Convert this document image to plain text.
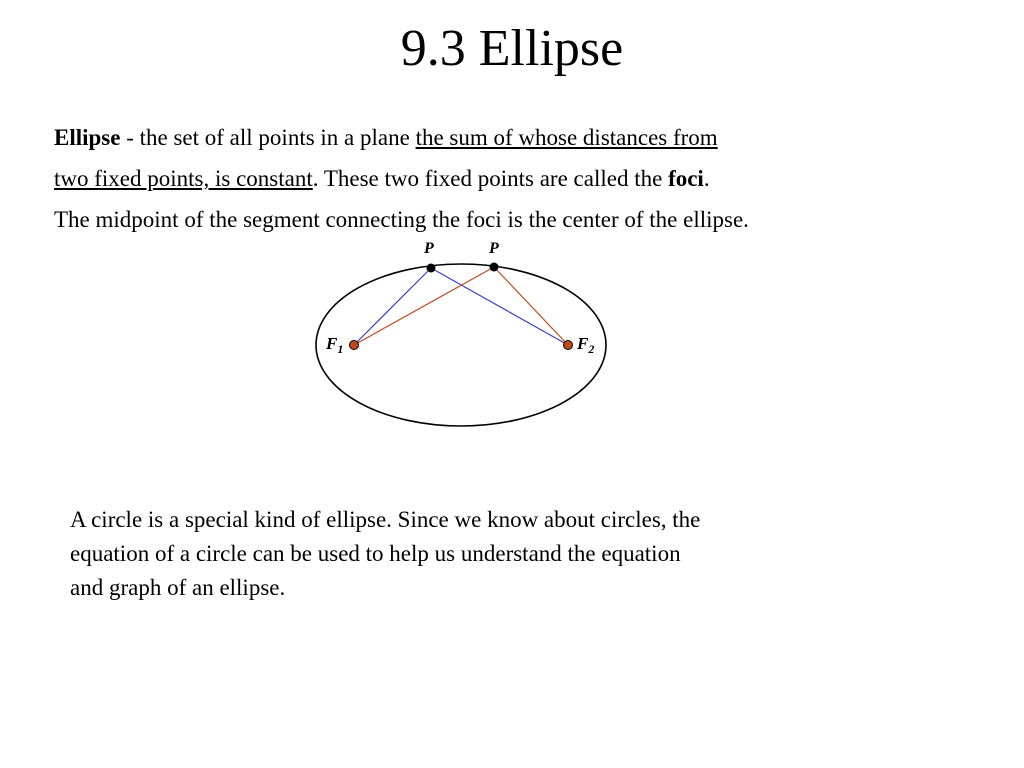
9.3 Ellipse
Ellipse - the set of all points in a plane the sum of whose distances from
two fixed points, is constant. These two fixed points are called the foci.
The midpoint of the segment connecting the foci is the center of the ellipse.
P	P
$F_1$	$F_2$
A circle is a special kind of ellipse. Since we know about circles, the
equation of a circle can be used to help us understand the equation
and graph of an ellipse.
